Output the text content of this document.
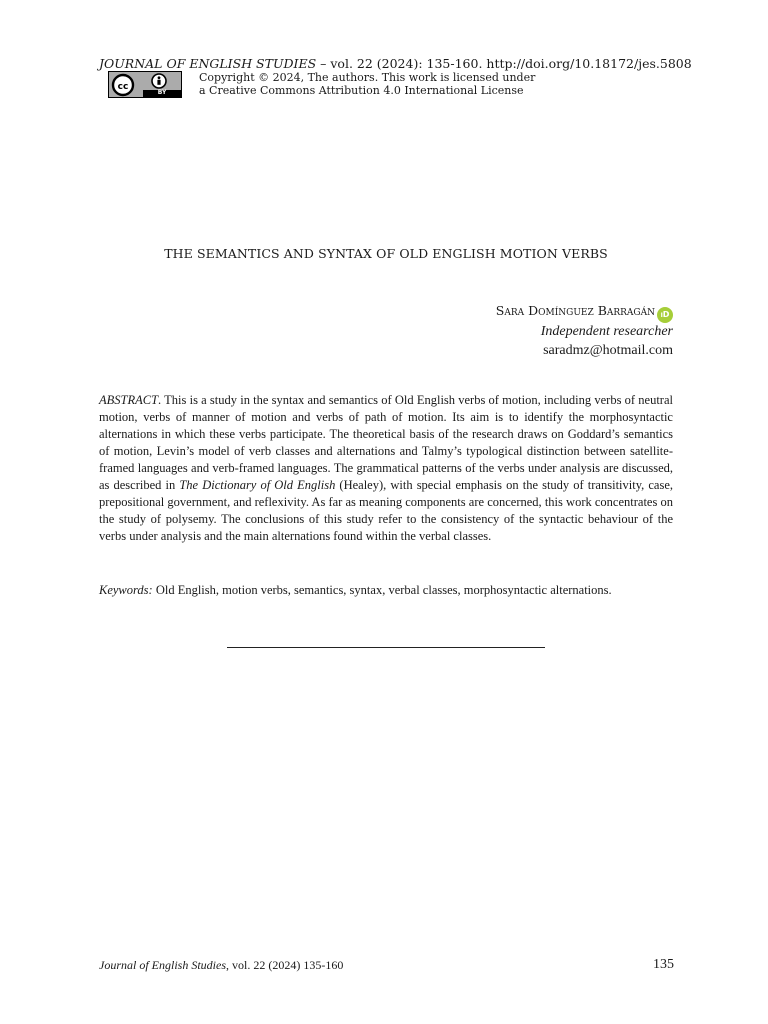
JOURNAL OF ENGLISH STUDIES – vol. 22 (2024): 135-160. http://doi.org/10.18172/jes.5808
cc
BY
Copyright © 2024, The authors. This work is licensed under
a Creative Commons Attribution 4.0 International License
THE SEMANTICS AND SYNTAX OF OLD ENGLISH MOTION VERBS
Sara Domínguez Barragán iD
Independent researcher
saradmz@hotmail.com
ABSTRACT. This is a study in the syntax and semantics of Old English verbs of motion, including verbs of neutral motion, verbs of manner of motion and verbs of path of motion. Its aim is to identify the morphosyntactic alternations in which these verbs participate. The theoretical basis of the research draws on Goddard’s semantics of motion, Levin’s model of verb classes and alternations and Talmy’s typological distinction between satellite-framed languages and verb-framed languages. The grammatical patterns of the verbs under analysis are discussed, as described in The Dictionary of Old English (Healey), with special emphasis on the study of transitivity, case, prepositional government, and reflexivity. As far as meaning components are concerned, this work concentrates on the study of polysemy. The conclusions of this study refer to the consistency of the syntactic behaviour of the verbs under analysis and the main alternations found within the verbal classes.
Keywords: Old English, motion verbs, semantics, syntax, verbal classes, morphosyntactic alternations.
Journal of English Studies, vol. 22 (2024) 135-160	135
